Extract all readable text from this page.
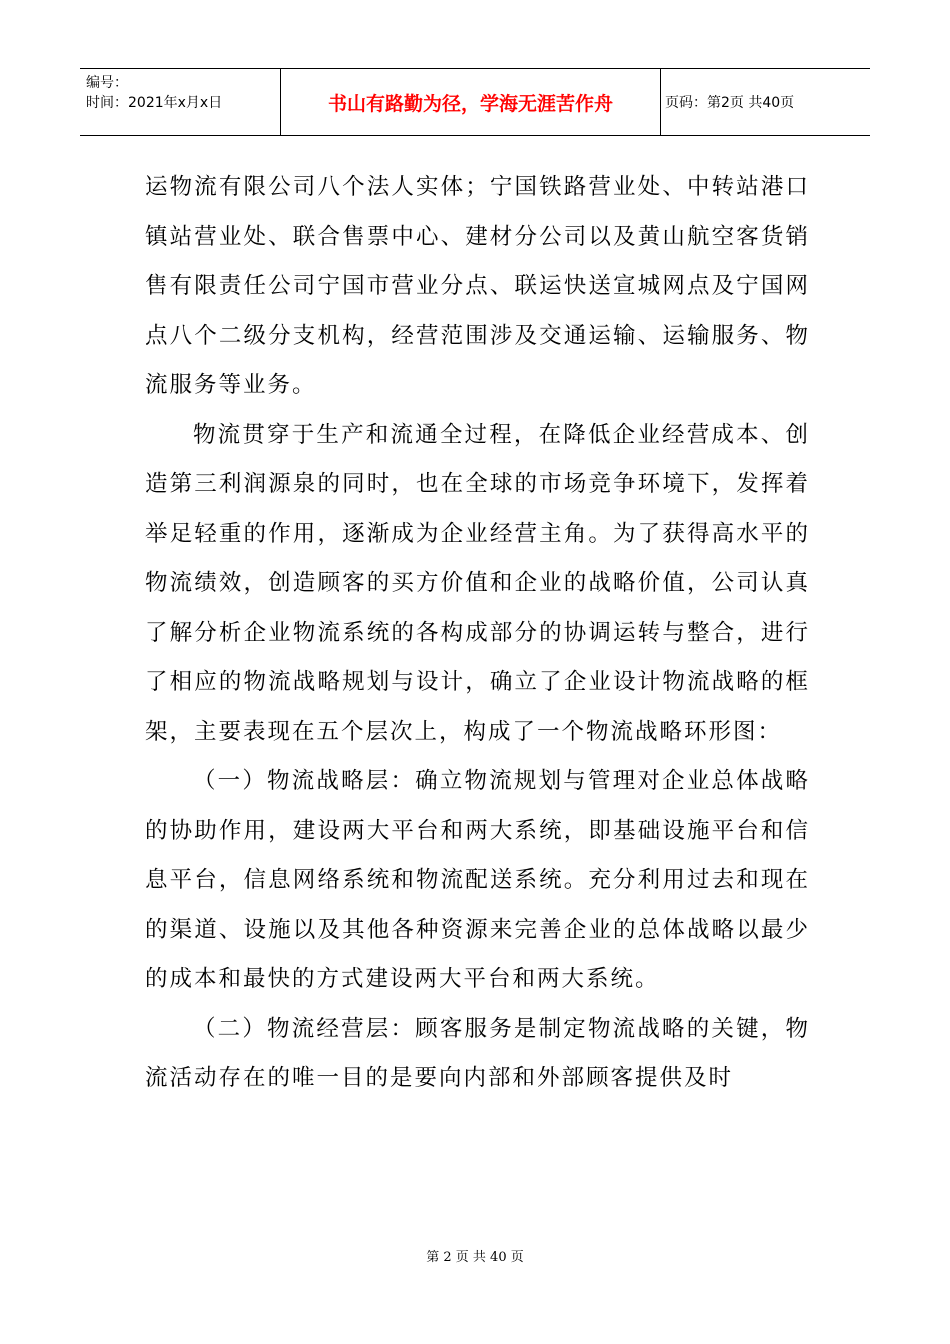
编号：
时间：2021年x月x日	书山有路勤为径，学海无涯苦作舟	页码：第2页 共40页

运物流有限公司八个法人实体；宁国铁路营业处、中转站港口镇站营业处、联合售票中心、建材分公司以及黄山航空客货销售有限责任公司宁国市营业分点、联运快送宣城网点及宁国网点八个二级分支机构，经营范围涉及交通运输、运输服务、物流服务等业务。

物流贯穿于生产和流通全过程，在降低企业经营成本、创造第三利润源泉的同时，也在全球的市场竞争环境下，发挥着举足轻重的作用，逐渐成为企业经营主角。为了获得高水平的物流绩效，创造顾客的买方价值和企业的战略价值，公司认真了解分析企业物流系统的各构成部分的协调运转与整合，进行了相应的物流战略规划与设计，确立了企业设计物流战略的框架，主要表现在五个层次上，构成了一个物流战略环形图：

（一）物流战略层：确立物流规划与管理对企业总体战略的协助作用，建设两大平台和两大系统，即基础设施平台和信息平台，信息网络系统和物流配送系统。充分利用过去和现在的渠道、设施以及其他各种资源来完善企业的总体战略以最少的成本和最快的方式建设两大平台和两大系统。

（二）物流经营层：顾客服务是制定物流战略的关键，物流活动存在的唯一目的是要向内部和外部顾客提供及时

第 2 页 共 40 页
